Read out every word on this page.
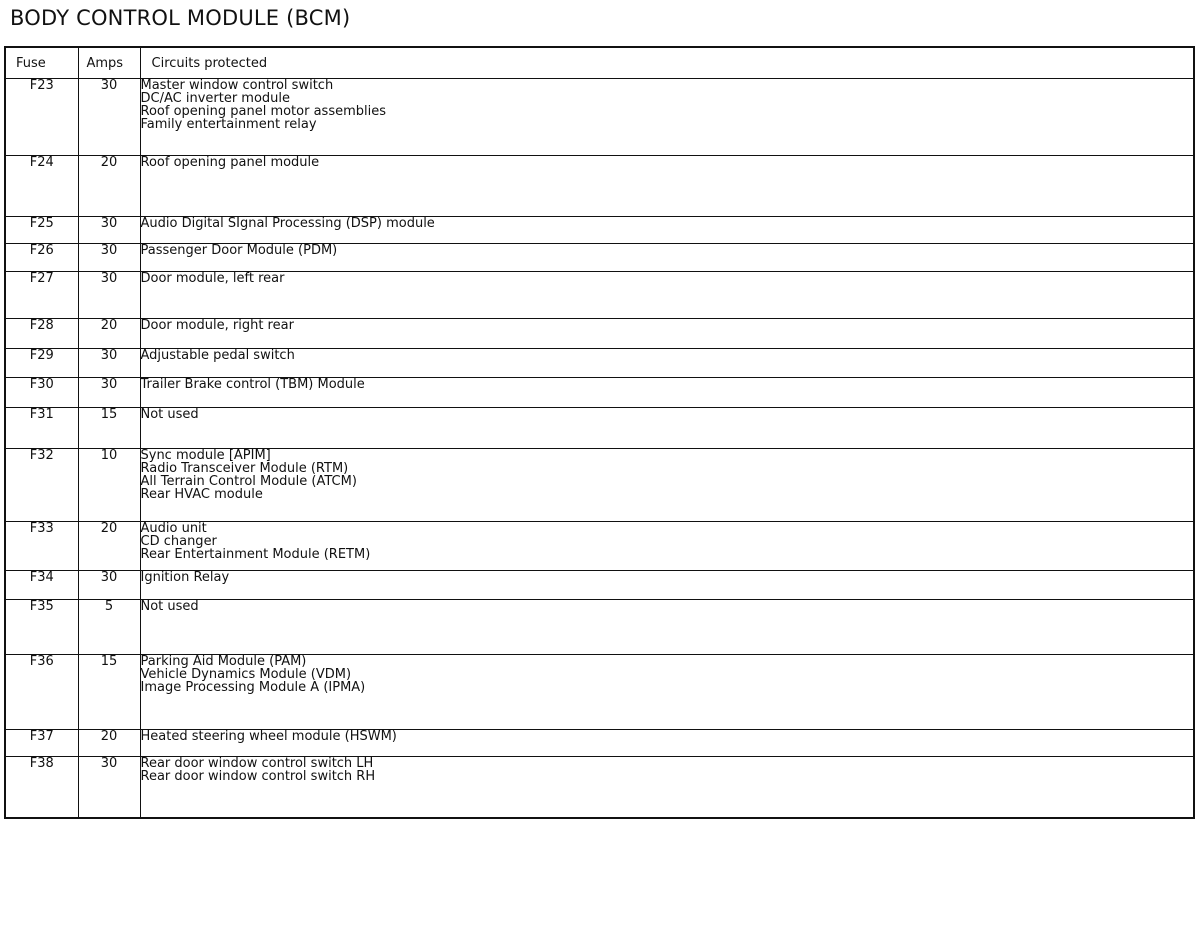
BODY CONTROL MODULE (BCM)
Fuse	Amps	Circuits protected
F23	30	Master window control switch
DC/AC inverter module
Roof opening panel motor assemblies
Family entertainment relay

F24	20	Roof opening panel module

F25	30	Audio Digital SIgnal Processing (DSP) module

F26	30	Passenger Door Module (PDM)

F27	30	Door module, left rear

F28	20	Door module, right rear

F29	30	Adjustable pedal switch

F30	30	Trailer Brake control (TBM) Module

F31	15	Not used

F32	10	Sync module [APIM]
Radio Transceiver Module (RTM)
All Terrain Control Module (ATCM)
Rear HVAC module

F33	20	Audio unit
CD changer
Rear Entertainment Module (RETM)

F34	30	Ignition Relay

F35	5	Not used

F36	15	Parking Aid Module (PAM)
Vehicle Dynamics Module (VDM)
Image Processing Module A (IPMA)

F37	20	Heated steering wheel module (HSWM)

F38	30	Rear door window control switch LH
Rear door window control switch RH
